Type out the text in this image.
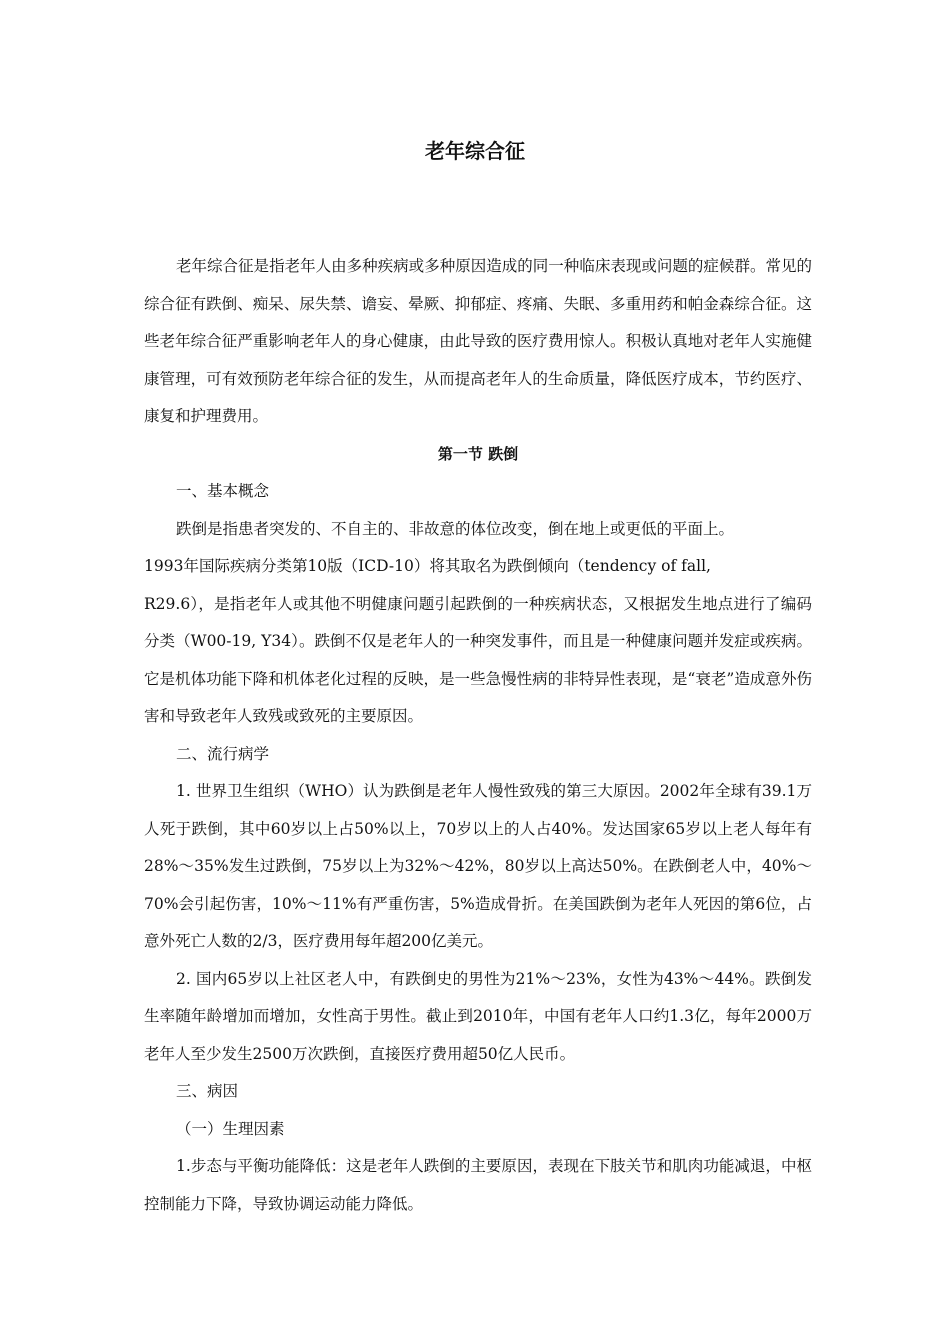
老年综合征

老年综合征是指老年人由多种疾病或多种原因造成的同一种临床表现或问题的症候群。常见的综合征有跌倒、痴呆、尿失禁、谵妄、晕厥、抑郁症、疼痛、失眠、多重用药和帕金森综合征。这些老年综合征严重影响老年人的身心健康，由此导致的医疗费用惊人。积极认真地对老年人实施健康管理，可有效预防老年综合征的发生，从而提高老年人的生命质量，降低医疗成本，节约医疗、康复和护理费用。

第一节 跌倒

一、基本概念

跌倒是指患者突发的、不自主的、非故意的体位改变，倒在地上或更低的平面上。

1993年国际疾病分类第10版（ICD-10）将其取名为跌倒倾向（tendency of fall,

R29.6），是指老年人或其他不明健康问题引起跌倒的一种疾病状态，又根据发生地点进行了编码分类（W00-19, Y34）。跌倒不仅是老年人的一种突发事件，而且是一种健康问题并发症或疾病。它是机体功能下降和机体老化过程的反映，是一些急慢性病的非特异性表现，是“衰老”造成意外伤害和导致老年人致残或致死的主要原因。

二、流行病学

1. 世界卫生组织（WHO）认为跌倒是老年人慢性致残的第三大原因。2002年全球有39.1万人死于跌倒，其中60岁以上占50%以上，70岁以上的人占40%。发达国家65岁以上老人每年有28%～35%发生过跌倒，75岁以上为32%～42%，80岁以上高达50%。在跌倒老人中，40%～70%会引起伤害，10%～11%有严重伤害，5%造成骨折。在美国跌倒为老年人死因的第6位，占意外死亡人数的2/3，医疗费用每年超200亿美元。

2. 国内65岁以上社区老人中，有跌倒史的男性为21%～23%，女性为43%～44%。跌倒发生率随年龄增加而增加，女性高于男性。截止到2010年，中国有老年人口约1.3亿，每年2000万老年人至少发生2500万次跌倒，直接医疗费用超50亿人民币。

三、病因

（一）生理因素

1.步态与平衡功能降低：这是老年人跌倒的主要原因，表现在下肢关节和肌肉功能减退，中枢控制能力下降，导致协调运动能力降低。
